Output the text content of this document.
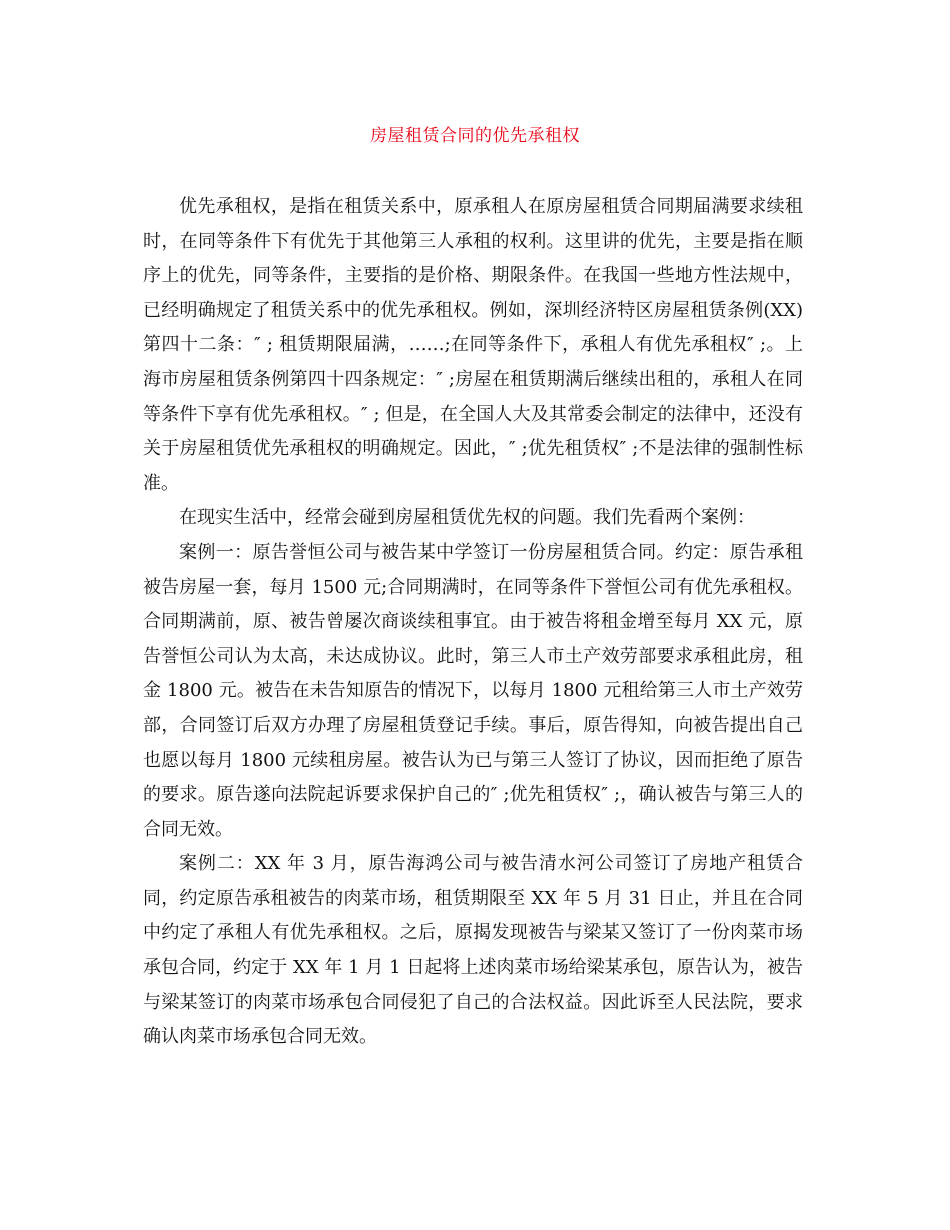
房屋租赁合同的优先承租权

优先承租权，是指在租赁关系中，原承租人在原房屋租赁合同期届满要求续租时，在同等条件下有优先于其他第三人承租的权利。这里讲的优先，主要是指在顺序上的优先，同等条件，主要指的是价格、期限条件。在我国一些地方性法规中，已经明确规定了租赁关系中的优先承租权。例如，深圳经济特区房屋租赁条例(XX) 第四十二条：″ ; 租赁期限届满，……;在同等条件下，承租人有优先承租权″ ;。上海市房屋租赁条例第四十四条规定：″ ;房屋在租赁期满后继续出租的，承租人在同等条件下享有优先承租权。″ ; 但是，在全国人大及其常委会制定的法律中，还没有关于房屋租赁优先承租权的明确规定。因此，″ ;优先租赁权″ ;不是法律的强制性标准。

在现实生活中，经常会碰到房屋租赁优先权的问题。我们先看两个案例：

案例一：原告誉恒公司与被告某中学签订一份房屋租赁合同。约定：原告承租被告房屋一套，每月 1500 元;合同期满时，在同等条件下誉恒公司有优先承租权。合同期满前，原、被告曾屡次商谈续租事宜。由于被告将租金增至每月 XX 元，原告誉恒公司认为太高，未达成协议。此时，第三人市土产效劳部要求承租此房，租金 1800 元。被告在未告知原告的情况下，以每月 1800 元租给第三人市土产效劳部，合同签订后双方办理了房屋租赁登记手续。事后，原告得知，向被告提出自己也愿以每月 1800 元续租房屋。被告认为已与第三人签订了协议，因而拒绝了原告的要求。原告遂向法院起诉要求保护自己的″ ;优先租赁权″ ;，确认被告与第三人的合同无效。

案例二：XX 年 3 月，原告海鸿公司与被告清水河公司签订了房地产租赁合同，约定原告承租被告的肉菜市场，租赁期限至 XX 年 5 月 31 日止，并且在合同中约定了承租人有优先承租权。之后，原揭发现被告与梁某又签订了一份肉菜市场承包合同，约定于 XX 年 1 月 1 日起将上述肉菜市场给梁某承包，原告认为，被告与梁某签订的肉菜市场承包合同侵犯了自己的合法权益。因此诉至人民法院，要求确认肉菜市场承包合同无效。
